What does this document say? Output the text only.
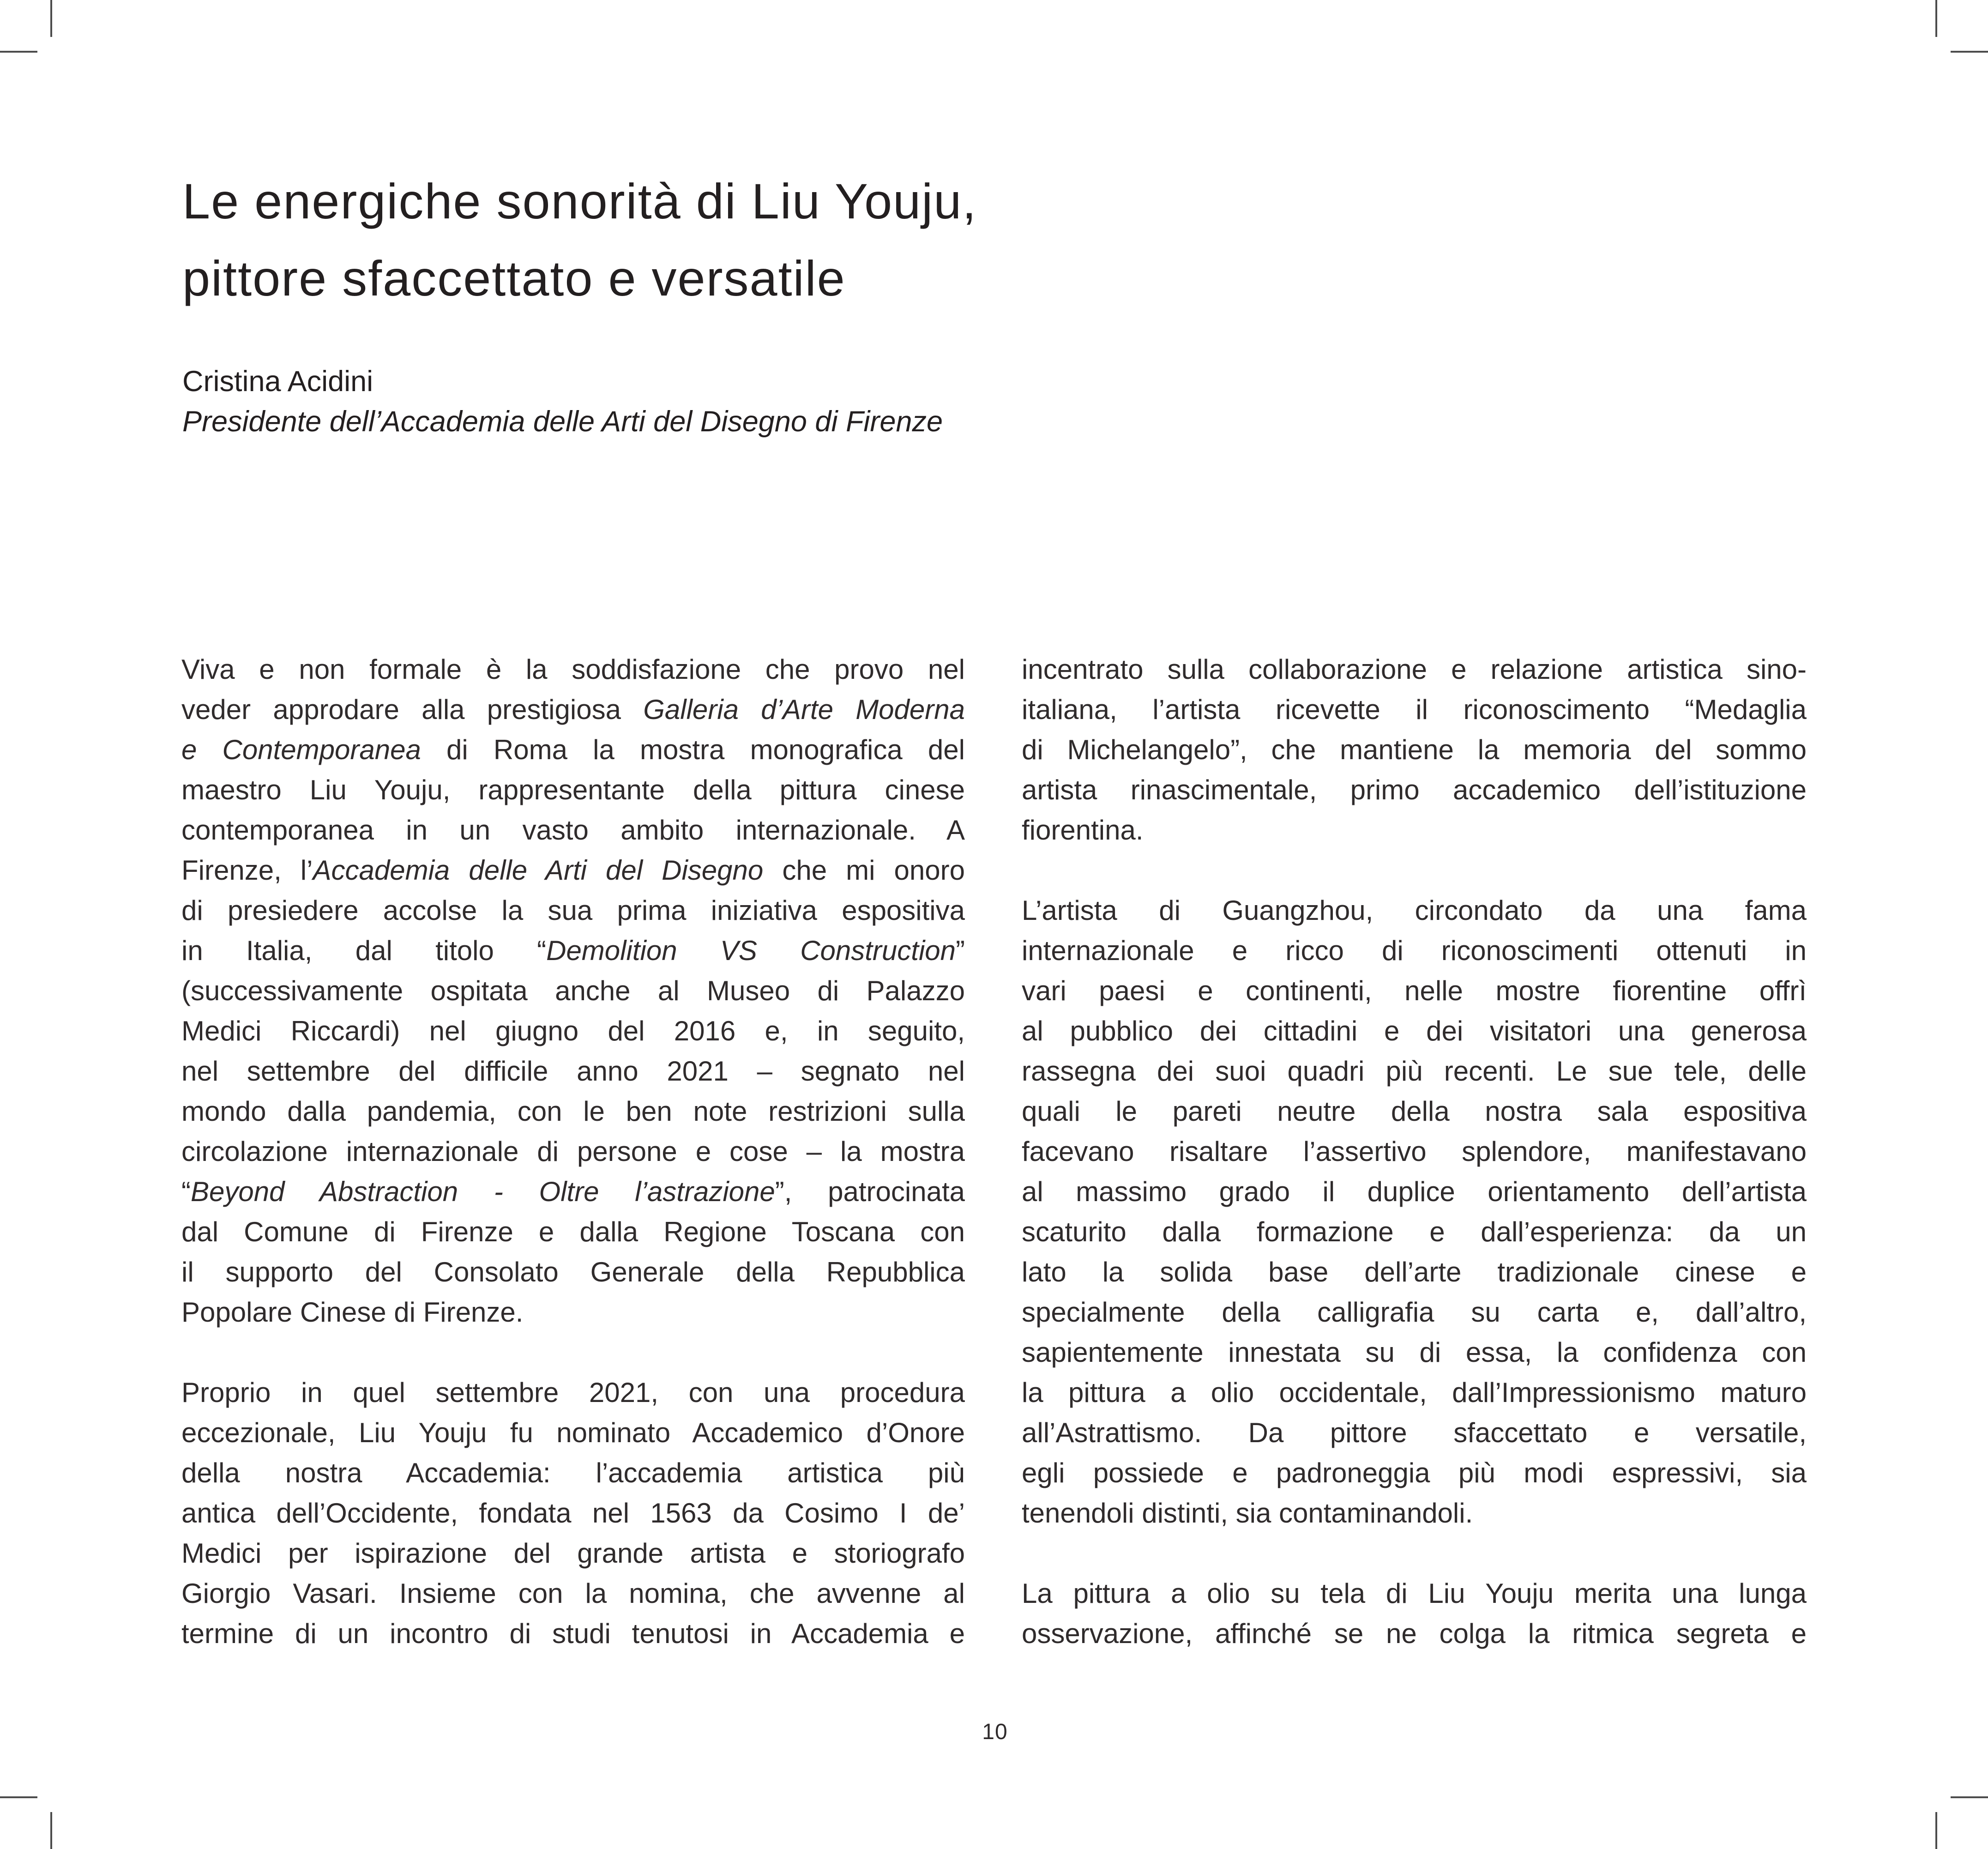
Le energiche sonorità di Liu Youju,
pittore sfaccettato e versatile
Cristina Acidini
Presidente dell’Accademia delle Arti del Disegno di Firenze
Viva e non formale è la soddisfazione che provo nel
veder approdare alla prestigiosa Galleria d’Arte Moderna
e Contemporanea di Roma la mostra monografica del
maestro Liu Youju, rappresentante della pittura cinese
contemporanea in un vasto ambito internazionale. A
Firenze, l’Accademia delle Arti del Disegno che mi onoro
di presiedere accolse la sua prima iniziativa espositiva
in Italia, dal titolo “Demolition VS Construction”
(successivamente ospitata anche al Museo di Palazzo
Medici Riccardi) nel giugno del 2016 e, in seguito,
nel settembre del difficile anno 2021 – segnato nel
mondo dalla pandemia, con le ben note restrizioni sulla
circolazione internazionale di persone e cose – la mostra
“Beyond Abstraction - Oltre l’astrazione”, patrocinata
dal Comune di Firenze e dalla Regione Toscana con
il supporto del Consolato Generale della Repubblica
Popolare Cinese di Firenze.
Proprio in quel settembre 2021, con una procedura
eccezionale, Liu Youju fu nominato Accademico d’Onore
della nostra Accademia: l’accademia artistica più
antica dell’Occidente, fondata nel 1563 da Cosimo I de’
Medici per ispirazione del grande artista e storiografo
Giorgio Vasari. Insieme con la nomina, che avvenne al
termine di un incontro di studi tenutosi in Accademia e
incentrato sulla collaborazione e relazione artistica sino-
italiana, l’artista ricevette il riconoscimento “Medaglia
di Michelangelo”, che mantiene la memoria del sommo
artista rinascimentale, primo accademico dell’istituzione
fiorentina.
L’artista di Guangzhou, circondato da una fama
internazionale e ricco di riconoscimenti ottenuti in
vari paesi e continenti, nelle mostre fiorentine offrì
al pubblico dei cittadini e dei visitatori una generosa
rassegna dei suoi quadri più recenti. Le sue tele, delle
quali le pareti neutre della nostra sala espositiva
facevano risaltare l’assertivo splendore, manifestavano
al massimo grado il duplice orientamento dell’artista
scaturito dalla formazione e dall’esperienza: da un
lato la solida base dell’arte tradizionale cinese e
specialmente della calligrafia su carta e, dall’altro,
sapientemente innestata su di essa, la confidenza con
la pittura a olio occidentale, dall’Impressionismo maturo
all’Astrattismo. Da pittore sfaccettato e versatile,
egli possiede e padroneggia più modi espressivi, sia
tenendoli distinti, sia contaminandoli.
La pittura a olio su tela di Liu Youju merita una lunga
osservazione, affinché se ne colga la ritmica segreta e
10
